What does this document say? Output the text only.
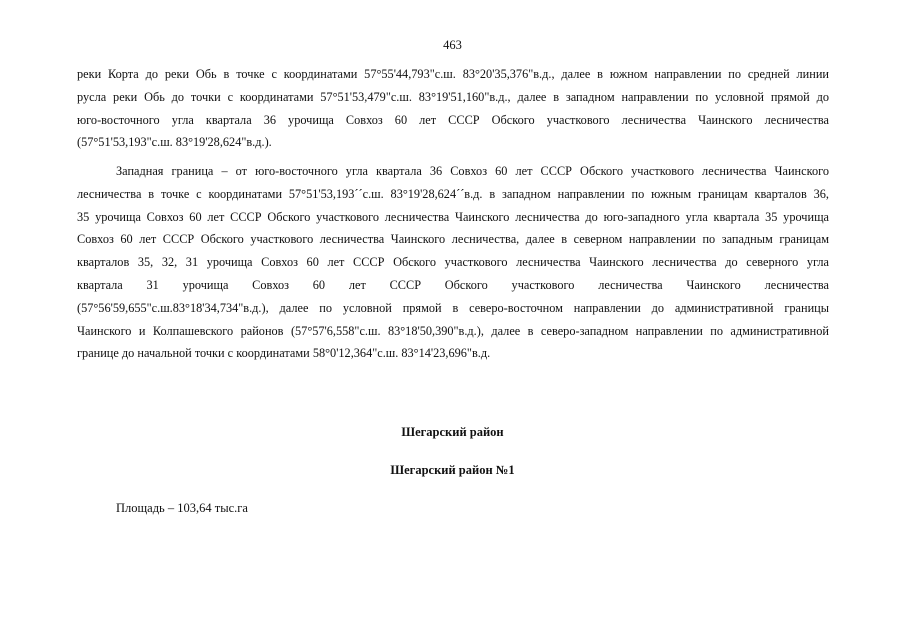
463
реки Корта до реки Обь в точке с координатами 57°55'44,793"с.ш. 83°20'35,376"в.д., далее в южном направлении по средней линии
русла реки Обь до точки с координатами 57°51'53,479"с.ш. 83°19'51,160"в.д., далее в западном направлении по условной прямой до
юго-восточного угла квартала 36 урочища Совхоз 60 лет СССР Обского участкового лесничества Чаинского лесничества
(57°51'53,193"с.ш. 83°19'28,624"в.д.).
Западная граница – от юго-восточного угла квартала 36 Совхоз 60 лет СССР Обского участкового лесничества Чаинского
лесничества в точке с координатами 57°51'53,193´´с.ш. 83°19'28,624´´в.д. в западном направлении по южным границам кварталов 36,
35 урочища Совхоз 60 лет СССР Обского участкового лесничества Чаинского лесничества до юго-западного угла квартала 35 урочища
Совхоз 60 лет СССР Обского участкового лесничества Чаинского лесничества, далее в северном направлении по западным границам
кварталов 35, 32, 31 урочища Совхоз 60 лет СССР Обского участкового лесничества Чаинского лесничества до северного угла
квартала 31 урочища Совхоз 60 лет СССР Обского участкового лесничества Чаинского лесничества
(57°56'59,655"с.ш.83°18'34,734"в.д.), далее по условной прямой в северо-восточном направлении до административной границы
Чаинского и Колпашевского районов (57°57'6,558"с.ш. 83°18'50,390"в.д.), далее в северо-западном направлении по административной
границе до начальной точки с координатами 58°0'12,364"с.ш. 83°14'23,696"в.д.
Шегарский район
Шегарский район №1
Площадь – 103,64 тыс.га
